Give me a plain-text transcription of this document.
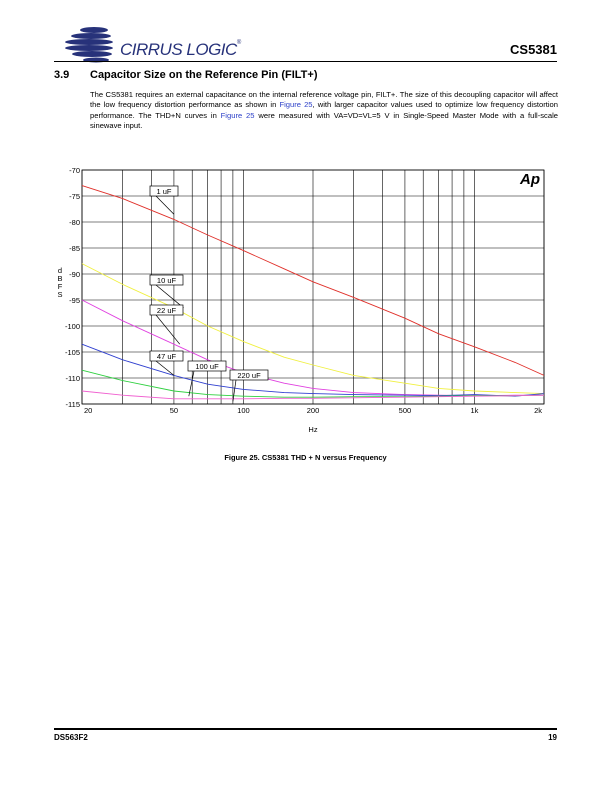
CIRRUS LOGIC®	CS5381
3.9 Capacitor Size on the Reference Pin (FILT+)
The CS5381 requires an external capacitance on the internal reference voltage pin, FILT+. The size of this decoupling capacitor will affect the low frequency distortion performance as shown in Figure 25, with larger capacitor values used to optimize low frequency distortion performance. The THD+N curves in Figure 25 were measured with VA=VD=VL=5 V in Single-Speed Master Mode with a full-scale sinewave input.
1 uF
10 uF
22 uF
47 uF
100 uF
220 uF
-70
-75
-80
-85
-90
-95
-100
-105
-110
-115
20	50	100	200	500	1k	2k
Hz
d B F S
Ap
Figure 25. CS5381 THD + N versus Frequency
DS563F2	19
